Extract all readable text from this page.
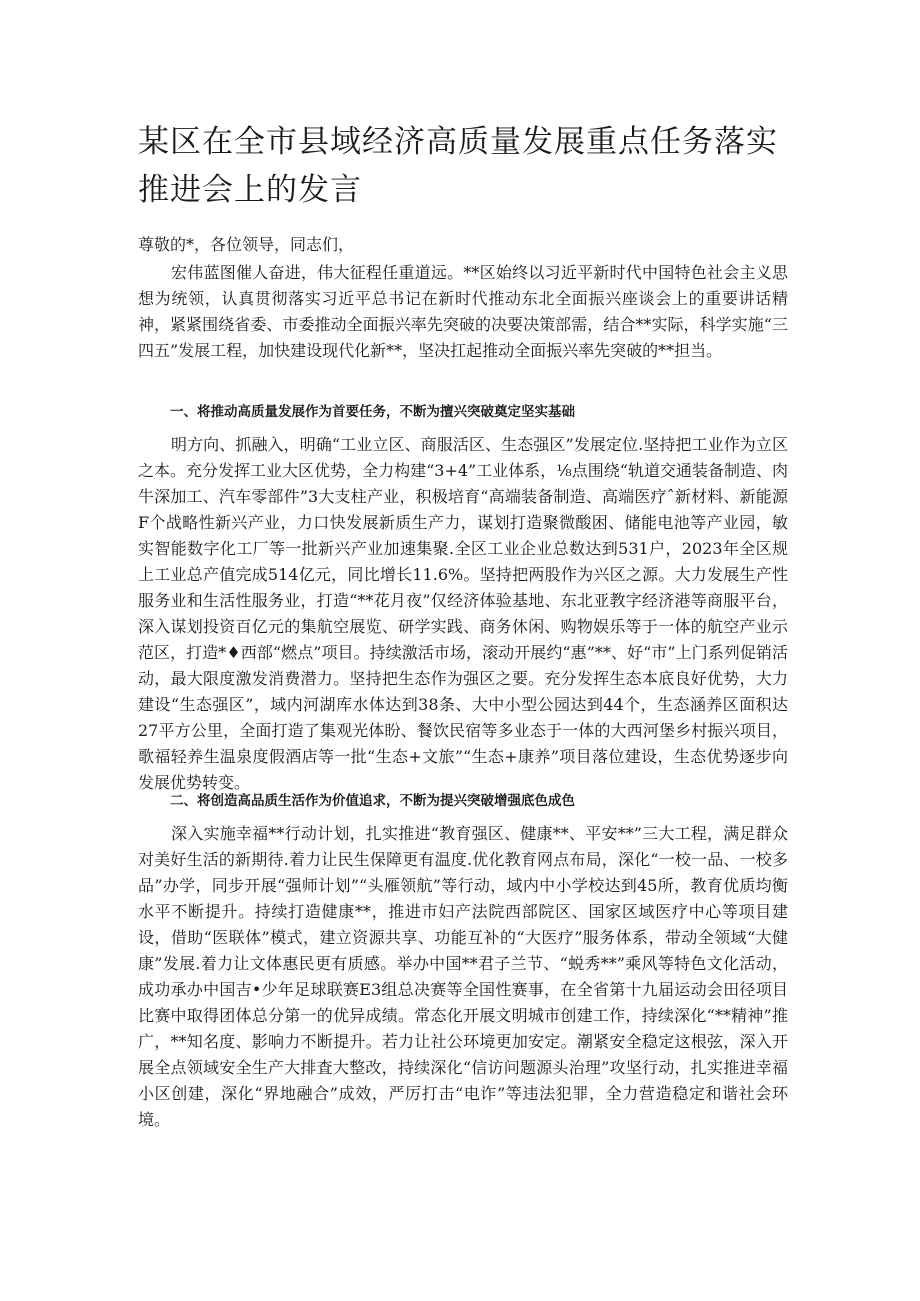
某区在全市县域经济高质量发展重点任务落实推进会上的发言

尊敬的*，各位领导，同志们，

宏伟蓝图催人奋进，伟大征程任重道远。**区始终以习近平新时代中国特色社会主义思想为统领，认真贯彻落实习近平总书记在新时代推动东北全面振兴座谈会上的重要讲话精神，紧紧围绕省委、市委推动全面振兴率先突破的决要决策部需，结合**实际，科学实施“三四五”发展工程，加快建设现代化新**，坚决扛起推动全面振兴率先突破的**担当。

一、将推动高质量发展作为首要任务，不断为擅兴突破奠定坚实基础

明方向、抓融入，明确“工业立区、商服活区、生态强区”发展定位.坚持把工业作为立区之本。充分发挥工业大区优势，全力构建“3+4”工业体系，⅛点围绕“轨道交通装备制造、肉牛深加工、汽车零部件”3大支柱产业，积极培育“高端装备制造、高端医疗ˆ新材料、新能源F个战略性新兴产业，力口快发展新质生产力，谋划打造聚微酸困、储能电池等产业园，敏实智能数字化工厂等一批新兴产业加速集聚.全区工业企业总数达到531户，2023年全区规上工业总产值完成514亿元，同比增长11.6%。坚持把两股作为兴区之源。大力发展生产性服务业和生活性服务业，打造“**花月夜”仅经济体验基地、东北亚教字经济港等商服平台，深入谋划投资百亿元的集航空展览、研学实践、商务休闲、购物娱乐等于一体的航空产业示范区，打造*♦西部“燃点”项目。持续激活市场，滚动开展约“惠”**、好“市”上门系列促销活动，最大限度激发消费潜力。坚持把生态作为强区之要。充分发挥生态本底良好优势，大力建设“生态强区”，域内河湖库水体达到38条、大中小型公园达到44个，生态涵养区面积达27平方公里，全面打造了集观光体盼、餐饮民宿等多业态于一体的大西河堡乡村振兴项目，歌福轻养生温泉度假酒店等一批“生态+文旅”“生态+康养”项目落位建设，生态优势逐步向发展优势转变。

二、将创造高品质生活作为价值追求，不断为提兴突破增强底色成色

深入实施幸福**行动计划，扎实推进“教育强区、健康**、平安**”三大工程，满足群众对美好生活的新期待.着力让民生保障更有温度.优化教育网点布局，深化“一校一品、一校多品”办学，同步开展“强师计划”“头雁领航”等行动，域内中小学校达到45所，教育优质均衡水平不断提升。持续打造健康**，推进市妇产法院西部院区、国家区域医疗中心等项目建设，借助“医联体”模式，建立资源共享、功能互补的“大医疗”服务体系，带动全领域“大健康”发展.着力让文体惠民更有质感。举办中国**君子兰节、“蜕秀**”乘风等特色文化活动，成功承办中国吉•少年足球联赛E3组总决赛等全国性赛事，在全省第十九届运动会田径项目比赛中取得团体总分第一的优异成绩。常态化开展文明城市创建工作，持续深化“**精神”推广，**知名度、影响力不断提升。若力让社公环境更加安定。潮紧安全稳定这根弦，深入开展全点领域安全生产大排査大整改，持续深化“信访问题源头治理”攻坚行动，扎实推进幸福小区创建，深化“界地融合”成效，严厉打击“电诈”等违法犯罪，全力营造稳定和谐社会环境。
